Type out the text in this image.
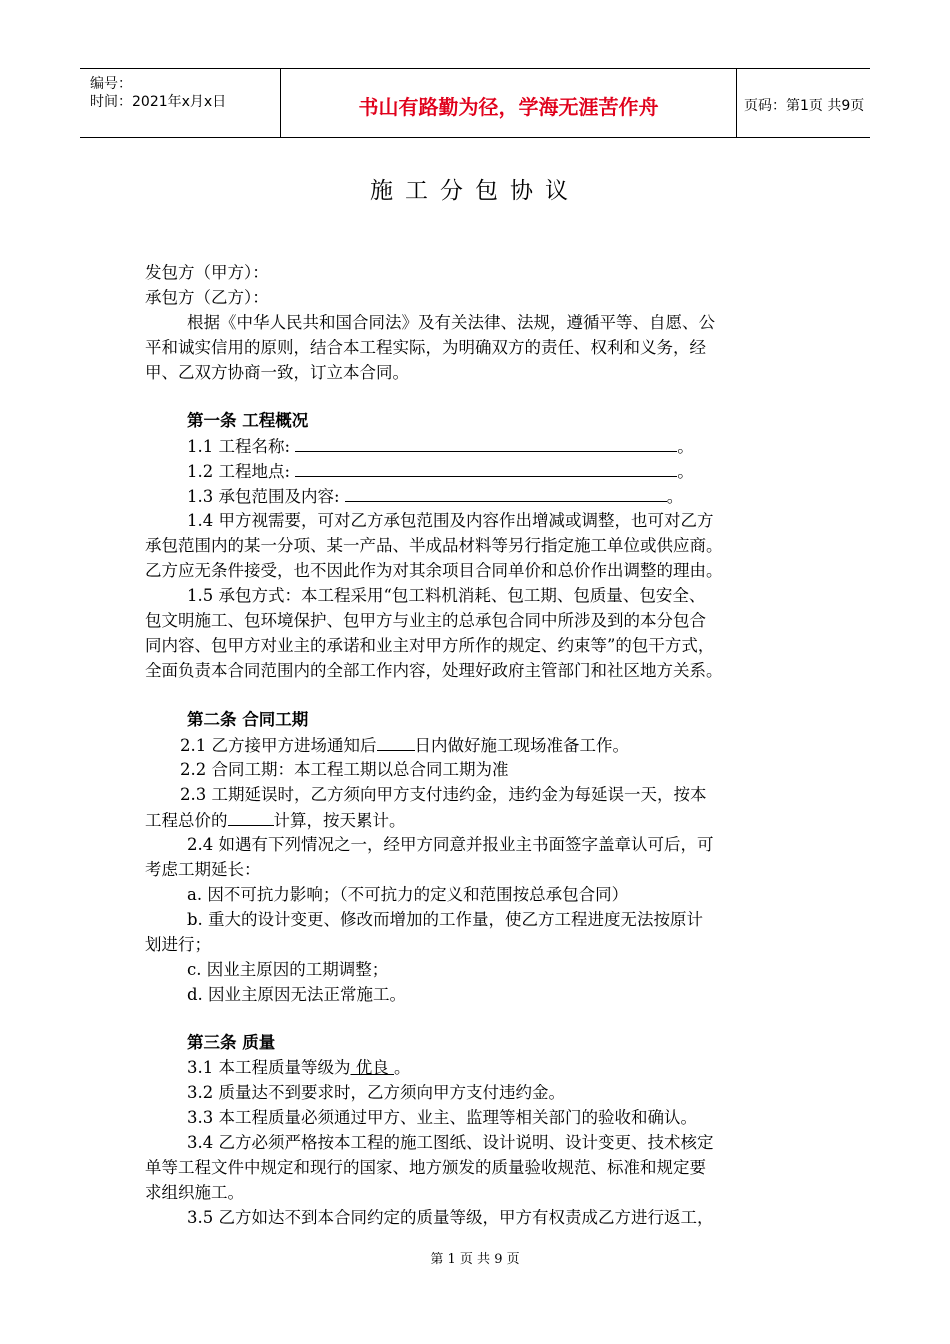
编号：
时间：2021年x月x日	书山有路勤为径，学海无涯苦作舟	页码：第1页 共9页
施工分包协议
发包方（甲方）：
承包方（乙方）：
根据《中华人民共和国合同法》及有关法律、法规，遵循平等、自愿、公
平和诚实信用的原则，结合本工程实际，为明确双方的责任、权利和义务，经
甲、乙双方协商一致，订立本合同。
第一条 工程概况
1.1 工程名称:	。
1.2 工程地点:	。
1.3 承包范围及内容:	。
1.4 甲方视需要，可对乙方承包范围及内容作出增减或调整，也可对乙方
承包范围内的某一分项、某一产品、半成品材料等另行指定施工单位或供应商。
乙方应无条件接受，也不因此作为对其余项目合同单价和总价作出调整的理由。
1.5 承包方式：本工程采用“包工料机消耗、包工期、包质量、包安全、
包文明施工、包环境保护、包甲方与业主的总承包合同中所涉及到的本分包合
同内容、包甲方对业主的承诺和业主对甲方所作的规定、约束等”的包干方式，
全面负责本合同范围内的全部工作内容，处理好政府主管部门和社区地方关系。
第二条 合同工期
2.1 乙方接甲方进场通知后 日内做好施工现场准备工作。
2.2 合同工期：本工程工期以总合同工期为准
2.3 工期延误时，乙方须向甲方支付违约金，违约金为每延误一天，按本
工程总价的	计算，按天累计。
2.4 如遇有下列情况之一，经甲方同意并报业主书面签字盖章认可后，可
考虑工期延长：
a. 因不可抗力影响；（不可抗力的定义和范围按总承包合同）
b. 重大的设计变更、修改而增加的工作量，使乙方工程进度无法按原计
划进行；
c. 因业主原因的工期调整；
d. 因业主原因无法正常施工。
第三条 质量
3.1 本工程质量等级为 优良 。
3.2 质量达不到要求时，乙方须向甲方支付违约金。
3.3 本工程质量必须通过甲方、业主、监理等相关部门的验收和确认。
3.4 乙方必须严格按本工程的施工图纸、设计说明、设计变更、技术核定
单等工程文件中规定和现行的国家、地方颁发的质量验收规范、标准和规定要
求组织施工。
3.5 乙方如达不到本合同约定的质量等级，甲方有权责成乙方进行返工，
第 1 页 共 9 页
